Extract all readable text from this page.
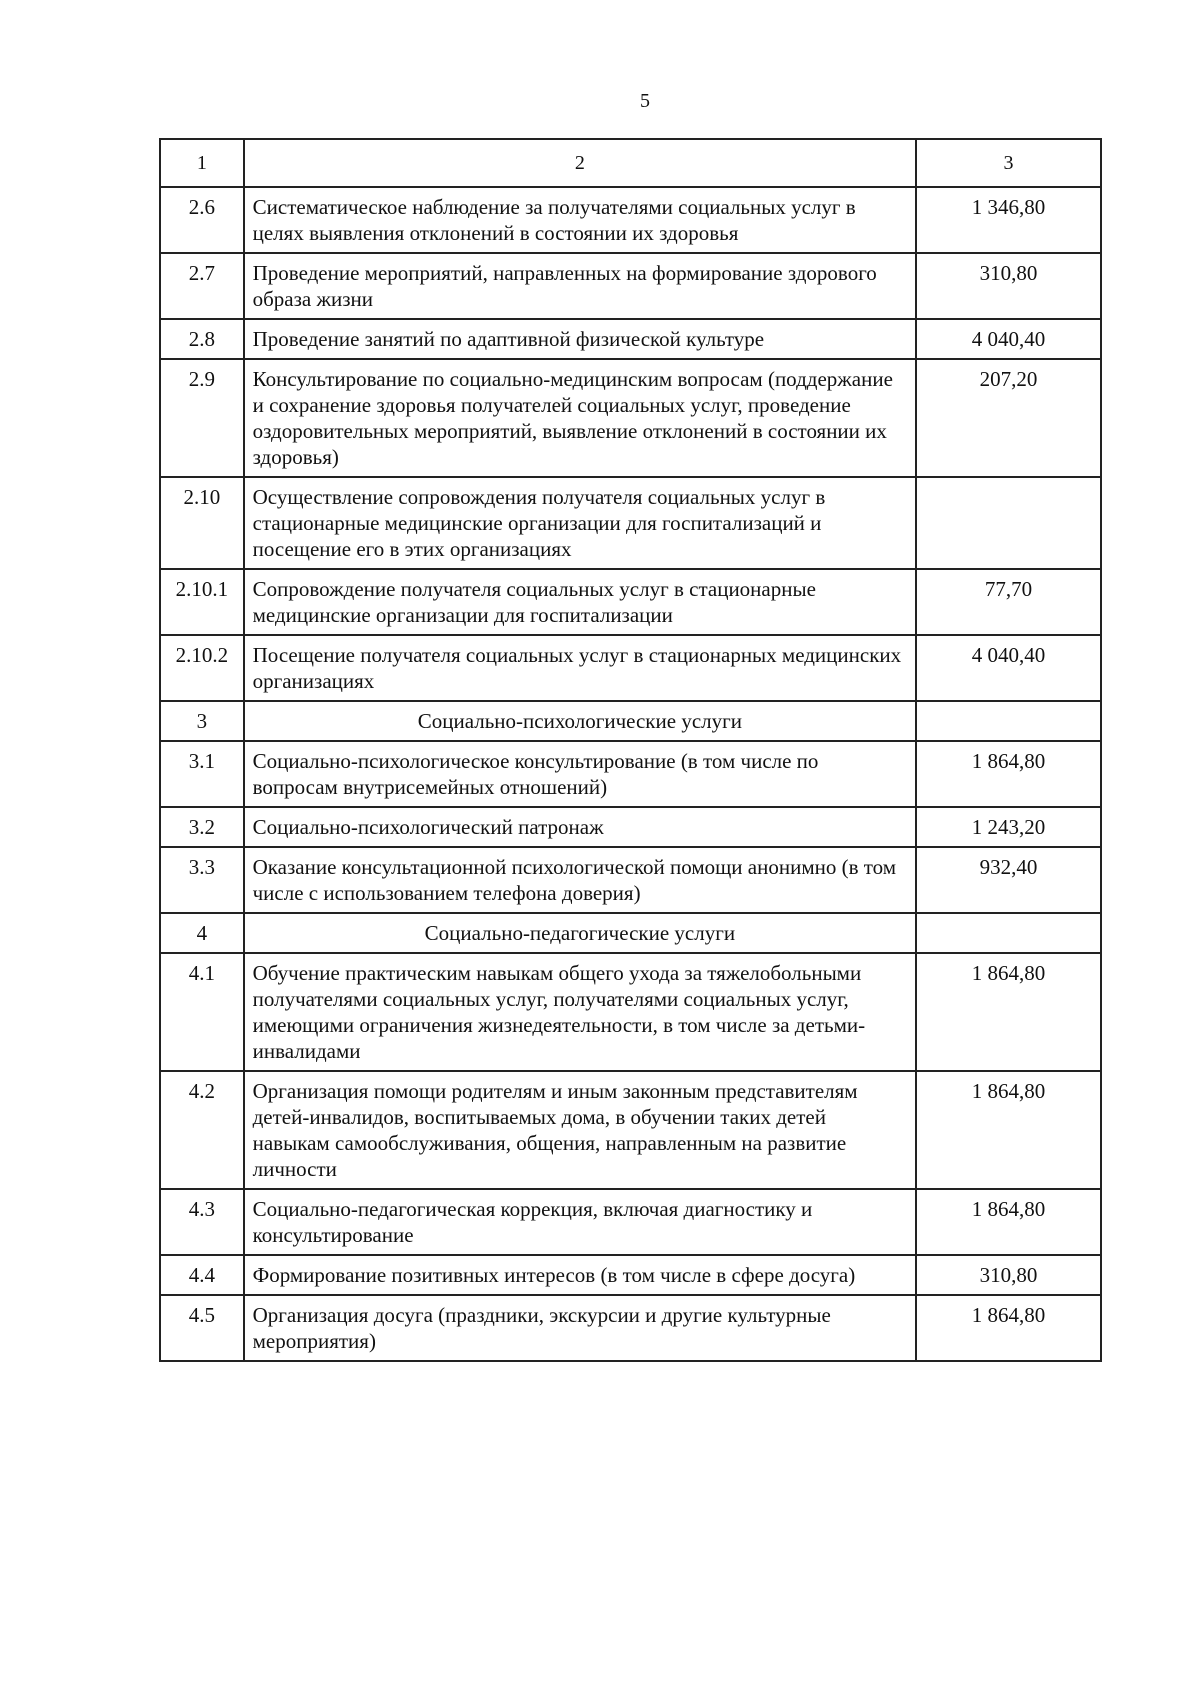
5
1	2	3
2.6	Систематическое наблюдение за получателями социальных услуг в целях выявления отклонений в состоянии их здоровья	1 346,80
2.7	Проведение мероприятий, направленных на формирование здорового образа жизни	310,80
2.8	Проведение занятий по адаптивной физической культуре	4 040,40
2.9	Консультирование по социально-медицинским вопросам (поддержание и сохранение здоровья получателей социальных услуг, проведение оздоровительных мероприятий, выявление отклонений в состоянии их здоровья)	207,20
2.10	Осуществление сопровождения получателя социальных услуг в стационарные медицинские организации для госпитализаций и посещение его в этих организациях	
2.10.1	Сопровождение получателя социальных услуг в стационарные медицинские организации для госпитализации	77,70
2.10.2	Посещение получателя социальных услуг в стационарных медицинских организациях	4 040,40
3	Социально-психологические услуги	
3.1	Социально-психологическое консультирование (в том числе по вопросам внутрисемейных отношений)	1 864,80
3.2	Социально-психологический патронаж	1 243,20
3.3	Оказание консультационной психологической помощи анонимно (в том числе с использованием телефона доверия)	932,40
4	Социально-педагогические услуги	
4.1	Обучение практическим навыкам общего ухода за тяжелобольными получателями социальных услуг, получателями социальных услуг, имеющими ограничения жизнедеятельности, в том числе за детьми-инвалидами	1 864,80
4.2	Организация помощи родителям и иным законным представителям детей-инвалидов, воспитываемых дома, в обучении таких детей навыкам самообслуживания, общения, направленным на развитие личности	1 864,80
4.3	Социально-педагогическая коррекция, включая диагностику и консультирование	1 864,80
4.4	Формирование позитивных интересов (в том числе в сфере досуга)	310,80
4.5	Организация досуга (праздники, экскурсии и другие культурные мероприятия)	1 864,80
